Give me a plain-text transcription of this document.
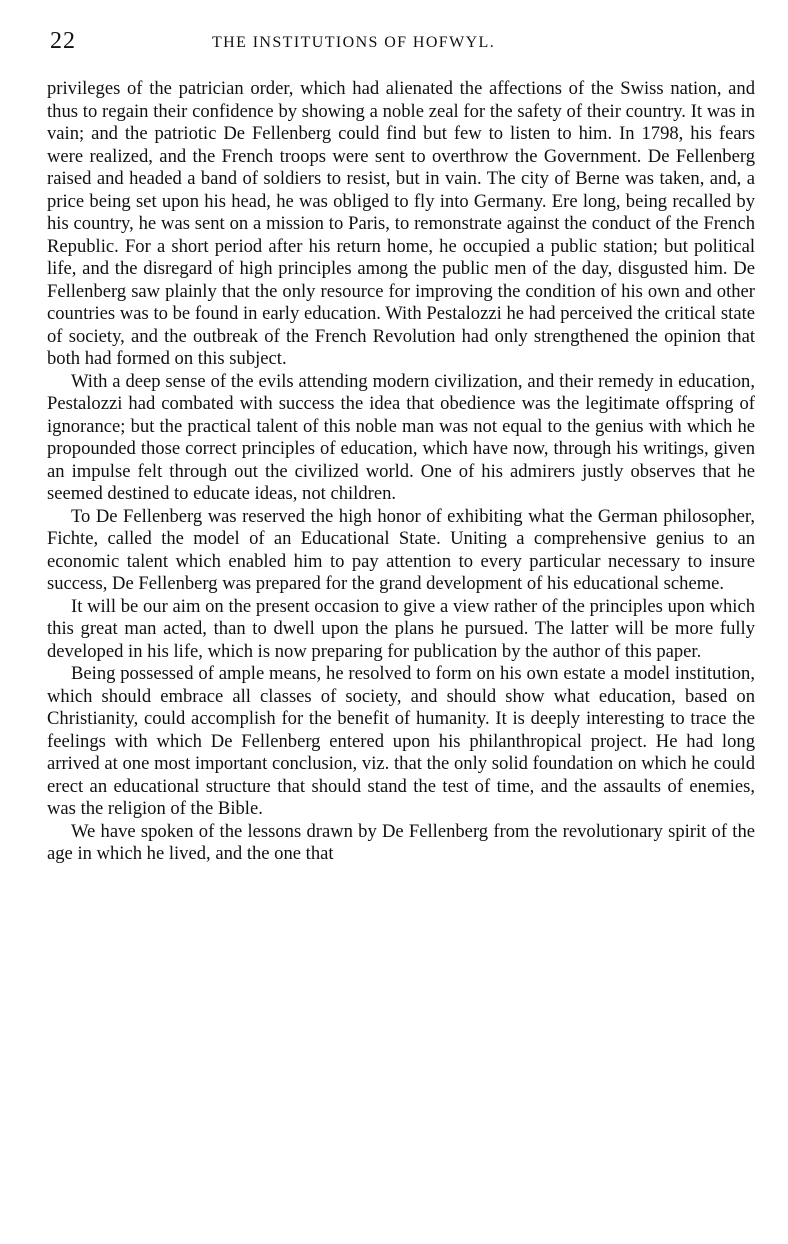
22	THE INSTITUTIONS OF HOFWYL.

privileges of the patrician order, which had alienated the affections of the Swiss nation, and thus to regain their confidence by showing a noble zeal for the safety of their country. It was in vain; and the patriotic De Fellenberg could find but few to listen to him. In 1798, his fears were realized, and the French troops were sent to overthrow the Government. De Fellenberg raised and headed a band of soldiers to resist, but in vain. The city of Berne was taken, and, a price being set upon his head, he was obliged to fly into Germany. Ere long, being recalled by his country, he was sent on a mission to Paris, to remonstrate against the conduct of the French Republic. For a short period after his return home, he occupied a public station; but political life, and the disregard of high principles among the public men of the day, disgusted him. De Fellenberg saw plainly that the only resource for improving the condition of his own and other countries was to be found in early education. With Pestalozzi he had perceived the critical state of society, and the outbreak of the French Revolution had only strengthened the opinion that both had formed on this subject.

With a deep sense of the evils attending modern civilization, and their remedy in education, Pestalozzi had combated with success the idea that obedience was the legitimate offspring of ignorance; but the practical talent of this noble man was not equal to the genius with which he propounded those correct principles of education, which have now, through his writings, given an impulse felt through out the civilized world. One of his admirers justly observes that he seemed destined to educate ideas, not children.

To De Fellenberg was reserved the high honor of exhibiting what the German philosopher, Fichte, called the model of an Educational State. Uniting a comprehensive genius to an economic talent which enabled him to pay attention to every particular necessary to insure success, De Fellenberg was prepared for the grand development of his educational scheme.

It will be our aim on the present occasion to give a view rather of the principles upon which this great man acted, than to dwell upon the plans he pursued. The latter will be more fully developed in his life, which is now preparing for publication by the author of this paper.

Being possessed of ample means, he resolved to form on his own estate a model institution, which should embrace all classes of society, and should show what education, based on Christianity, could accomplish for the benefit of humanity. It is deeply interesting to trace the feelings with which De Fellenberg entered upon his philanthropical project. He had long arrived at one most important conclusion, viz. that the only solid foundation on which he could erect an educational structure that should stand the test of time, and the assaults of enemies, was the religion of the Bible.

We have spoken of the lessons drawn by De Fellenberg from the revolutionary spirit of the age in which he lived, and the one that
